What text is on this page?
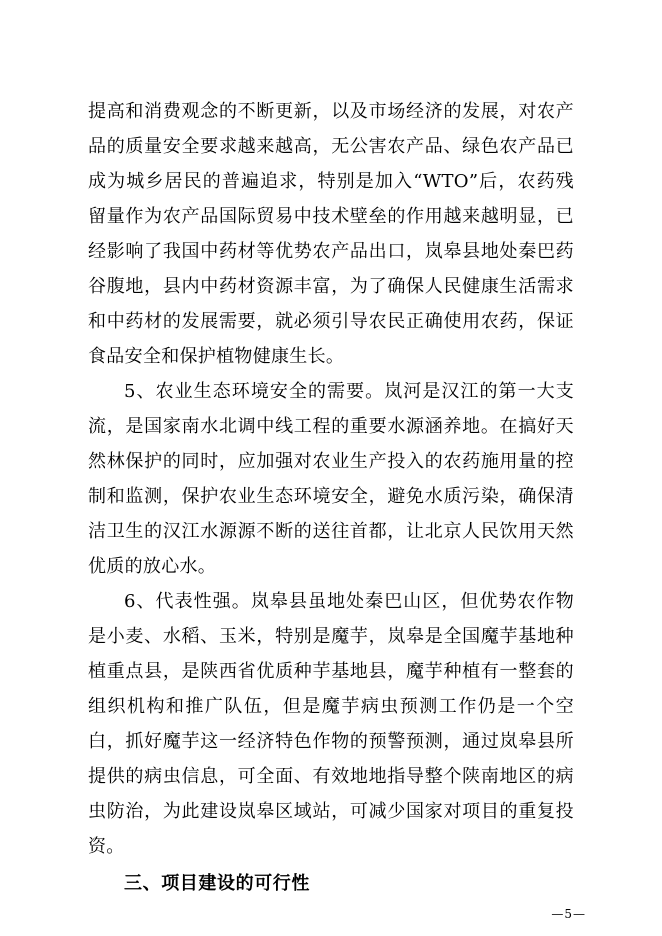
提高和消费观念的不断更新，以及市场经济的发展，对农产品的质量安全要求越来越高，无公害农产品、绿色农产品已成为城乡居民的普遍追求，特别是加入“WTO”后，农药残留量作为农产品国际贸易中技术壁垒的作用越来越明显，已经影响了我国中药材等优势农产品出口，岚皋县地处秦巴药谷腹地，县内中药材资源丰富，为了确保人民健康生活需求和中药材的发展需要，就必须引导农民正确使用农药，保证食品安全和保护植物健康生长。

5、农业生态环境安全的需要。岚河是汉江的第一大支流，是国家南水北调中线工程的重要水源涵养地。在搞好天然林保护的同时，应加强对农业生产投入的农药施用量的控制和监测，保护农业生态环境安全，避免水质污染，确保清洁卫生的汉江水源源不断的送往首都，让北京人民饮用天然优质的放心水。

6、代表性强。岚皋县虽地处秦巴山区，但优势农作物是小麦、水稻、玉米，特别是魔芋，岚皋是全国魔芋基地种植重点县，是陕西省优质种芋基地县，魔芋种植有一整套的组织机构和推广队伍，但是魔芋病虫预测工作仍是一个空白，抓好魔芋这一经济特色作物的预警预测，通过岚皋县所提供的病虫信息，可全面、有效地地指导整个陕南地区的病虫防治，为此建设岚皋区域站，可减少国家对项目的重复投资。

三、项目建设的可行性

—5—
